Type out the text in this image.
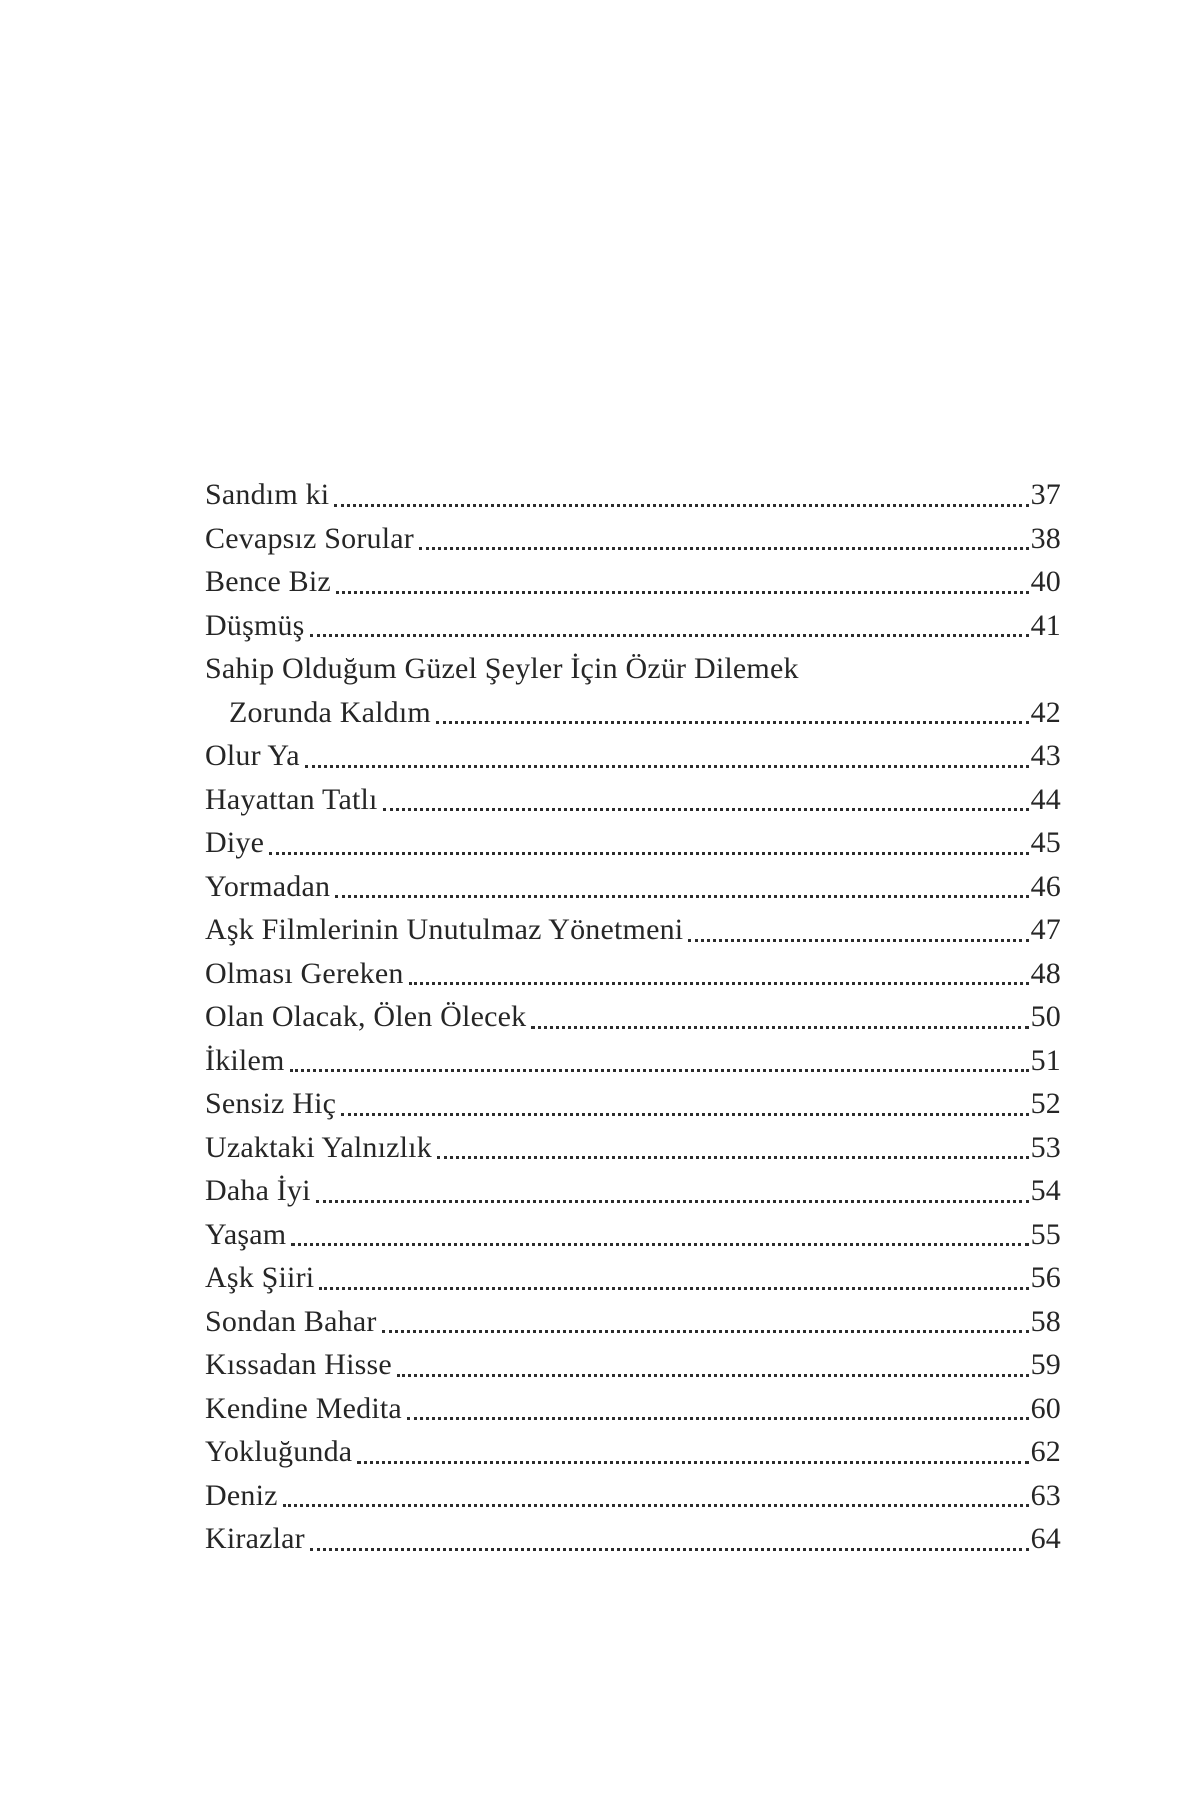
Sandım ki	37
Cevapsız Sorular	38
Bence Biz	40
Düşmüş	41
Sahip Olduğum Güzel Şeyler İçin Özür Dilemek
Zorunda Kaldım	42
Olur Ya	43
Hayattan Tatlı	44
Diye	45
Yormadan	46
Aşk Filmlerinin Unutulmaz Yönetmeni	47
Olması Gereken	48
Olan Olacak, Ölen Ölecek	50
İkilem	51
Sensiz Hiç	52
Uzaktaki Yalnızlık	53
Daha İyi	54
Yaşam	55
Aşk Şiiri	56
Sondan Bahar	58
Kıssadan Hisse	59
Kendine Medita	60
Yokluğunda	62
Deniz	63
Kirazlar	64
